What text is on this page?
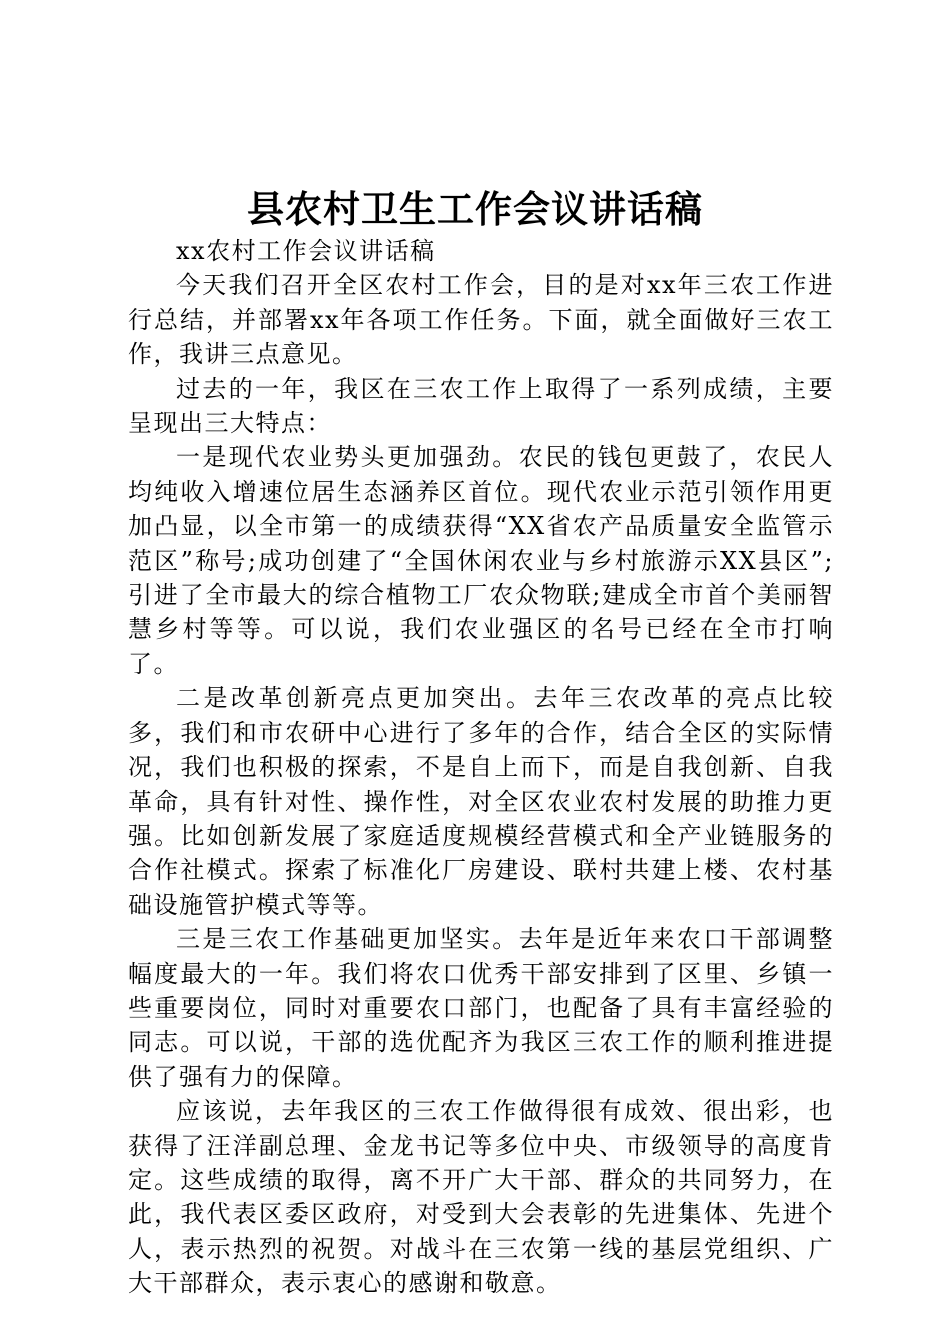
县农村卫生工作会议讲话稿

xx农村工作会议讲话稿

今天我们召开全区农村工作会，目的是对xx年三农工作进行总结，并部署xx年各项工作任务。下面，就全面做好三农工作，我讲三点意见。

过去的一年，我区在三农工作上取得了一系列成绩，主要呈现出三大特点：

一是现代农业势头更加强劲。农民的钱包更鼓了，农民人均纯收入增速位居生态涵养区首位。现代农业示范引领作用更加凸显，以全市第一的成绩获得“XX省农产品质量安全监管示范区”称号;成功创建了“全国休闲农业与乡村旅游示XX县区”;引进了全市最大的综合植物工厂农众物联;建成全市首个美丽智慧乡村等等。可以说，我们农业强区的名号已经在全市打响了。

二是改革创新亮点更加突出。去年三农改革的亮点比较多，我们和市农研中心进行了多年的合作，结合全区的实际情况，我们也积极的探索，不是自上而下，而是自我创新、自我革命，具有针对性、操作性，对全区农业农村发展的助推力更强。比如创新发展了家庭适度规模经营模式和全产业链服务的合作社模式。探索了标准化厂房建设、联村共建上楼、农村基础设施管护模式等等。

三是三农工作基础更加坚实。去年是近年来农口干部调整幅度最大的一年。我们将农口优秀干部安排到了区里、乡镇一些重要岗位，同时对重要农口部门，也配备了具有丰富经验的同志。可以说，干部的选优配齐为我区三农工作的顺利推进提供了强有力的保障。

应该说，去年我区的三农工作做得很有成效、很出彩，也获得了汪洋副总理、金龙书记等多位中央、市级领导的高度肯定。这些成绩的取得，离不开广大干部、群众的共同努力，在此，我代表区委区政府，对受到大会表彰的先进集体、先进个人，表示热烈的祝贺。对战斗在三农第一线的基层党组织、广大干部群众，表示衷心的感谢和敬意。
